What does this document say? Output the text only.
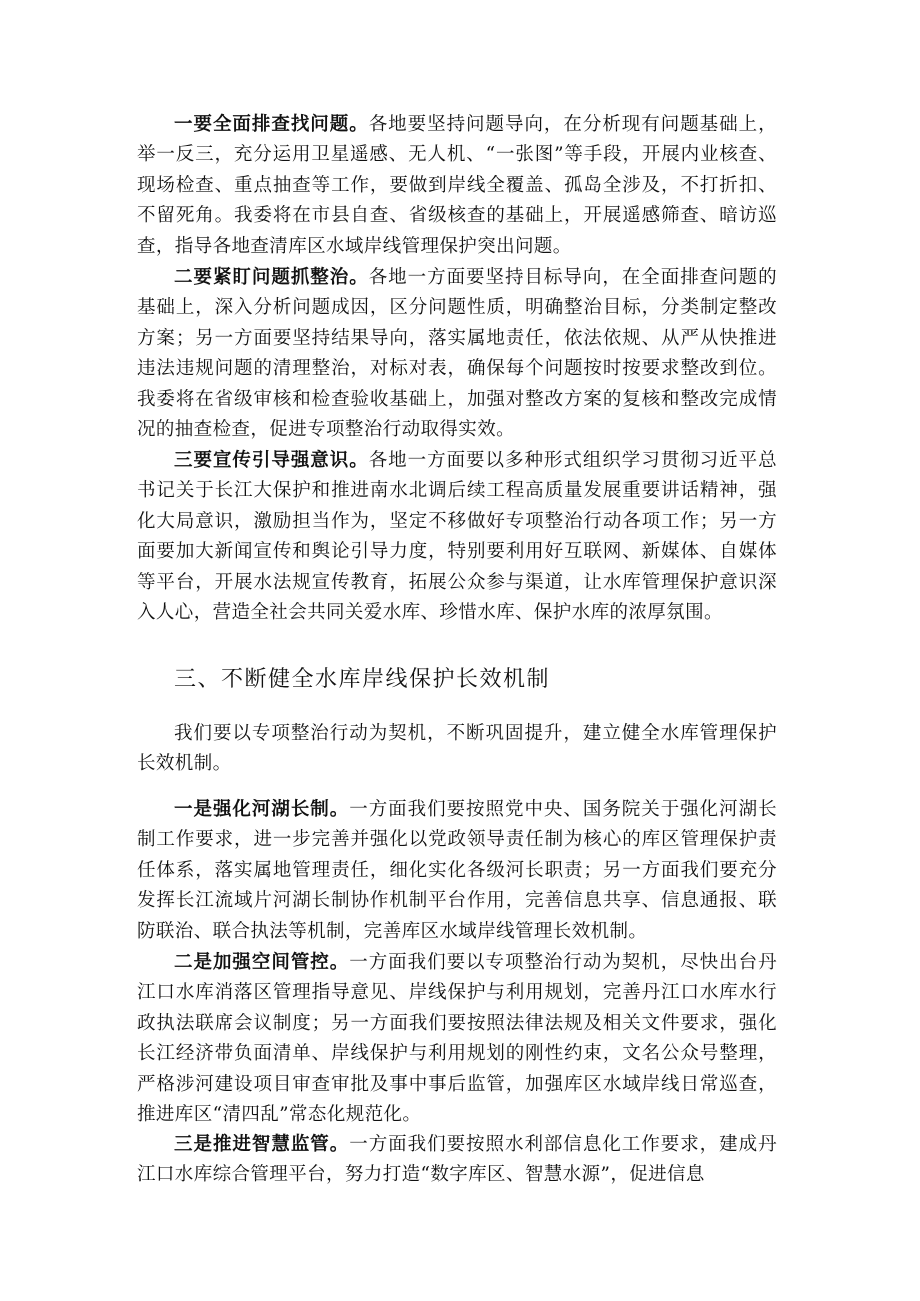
一要全面排查找问题。各地要坚持问题导向，在分析现有问题基础上，举一反三，充分运用卫星遥感、无人机、“一张图”等手段，开展内业核查、现场检查、重点抽查等工作，要做到岸线全覆盖、孤岛全涉及，不打折扣、不留死角。我委将在市县自查、省级核查的基础上，开展遥感筛查、暗访巡查，指导各地查清库区水域岸线管理保护突出问题。

二要紧盯问题抓整治。各地一方面要坚持目标导向，在全面排查问题的基础上，深入分析问题成因，区分问题性质，明确整治目标，分类制定整改方案；另一方面要坚持结果导向，落实属地责任，依法依规、从严从快推进违法违规问题的清理整治，对标对表，确保每个问题按时按要求整改到位。我委将在省级审核和检查验收基础上，加强对整改方案的复核和整改完成情况的抽查检查，促进专项整治行动取得实效。

三要宣传引导强意识。各地一方面要以多种形式组织学习贯彻习近平总书记关于长江大保护和推进南水北调后续工程高质量发展重要讲话精神，强化大局意识，激励担当作为，坚定不移做好专项整治行动各项工作；另一方面要加大新闻宣传和舆论引导力度，特别要利用好互联网、新媒体、自媒体等平台，开展水法规宣传教育，拓展公众参与渠道，让水库管理保护意识深入人心，营造全社会共同关爱水库、珍惜水库、保护水库的浓厚氛围。

三、不断健全水库岸线保护长效机制

我们要以专项整治行动为契机，不断巩固提升，建立健全水库管理保护长效机制。

一是强化河湖长制。一方面我们要按照党中央、国务院关于强化河湖长制工作要求，进一步完善并强化以党政领导责任制为核心的库区管理保护责任体系，落实属地管理责任，细化实化各级河长职责；另一方面我们要充分发挥长江流域片河湖长制协作机制平台作用，完善信息共享、信息通报、联防联治、联合执法等机制，完善库区水域岸线管理长效机制。

二是加强空间管控。一方面我们要以专项整治行动为契机，尽快出台丹江口水库消落区管理指导意见、岸线保护与利用规划，完善丹江口水库水行政执法联席会议制度；另一方面我们要按照法律法规及相关文件要求，强化长江经济带负面清单、岸线保护与利用规划的刚性约束，文名公众号整理，严格涉河建设项目审查审批及事中事后监管，加强库区水域岸线日常巡查，推进库区“清四乱”常态化规范化。

三是推进智慧监管。一方面我们要按照水利部信息化工作要求，建成丹江口水库综合管理平台，努力打造“数字库区、智慧水源”，促进信息
